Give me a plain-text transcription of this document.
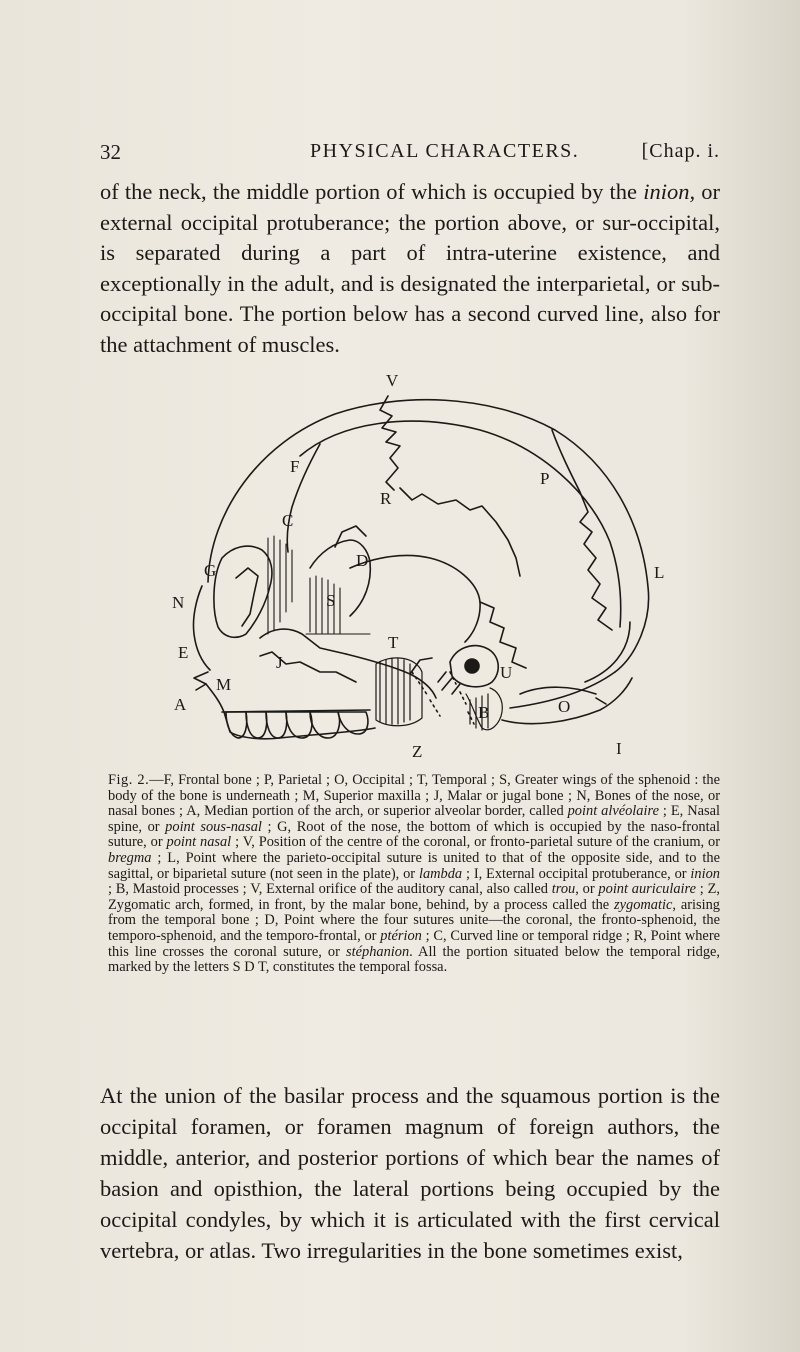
32	PHYSICAL CHARACTERS.	[Chap. i.

of the neck, the middle portion of which is occupied by the inion, or external occipital protuberance; the portion above, or sur-occipital, is separated during a part of intra-uterine existence, and exceptionally in the adult, and is designated the interparietal, or sub-occipital bone. The portion below has a second curved line, also for the attachment of muscles.

V
F
P
R
C
G
D
L
N	S
T
E
J
U
M
A	B	O
Z	I

Fig. 2.—F, Frontal bone ; P, Parietal ; O, Occipital ; T, Temporal ; S, Greater wings of the sphenoid : the body of the bone is underneath ; M, Superior maxilla ; J, Malar or jugal bone ; N, Bones of the nose, or nasal bones ; A, Median portion of the arch, or superior alveolar border, called point alvéolaire ; E, Nasal spine, or point sous-nasal ; G, Root of the nose, the bottom of which is occupied by the naso-frontal suture, or point nasal ; V, Position of the centre of the coronal, or fronto-parietal suture of the cranium, or bregma ; L, Point where the parieto-occipital suture is united to that of the opposite side, and to the sagittal, or biparietal suture (not seen in the plate), or lambda ; I, External occipital protuberance, or inion ; B, Mastoid processes ; V, External orifice of the auditory canal, also called trou, or point auriculaire ; Z, Zygomatic arch, formed, in front, by the malar bone, behind, by a process called the zygomatic, arising from the temporal bone ; D, Point where the four sutures unite—the coronal, the fronto-sphenoid, the temporo-sphenoid, and the temporo-frontal, or ptérion ; C, Curved line or temporal ridge ; R, Point where this line crosses the coronal suture, or stéphanion. All the portion situated below the temporal ridge, marked by the letters S D T, constitutes the temporal fossa.

At the union of the basilar process and the squamous portion is the occipital foramen, or foramen magnum of foreign authors, the middle, anterior, and posterior portions of which bear the names of basion and opisthion, the lateral portions being occupied by the occipital condyles, by which it is articulated with the first cervical vertebra, or atlas. Two irregularities in the bone sometimes exist,
